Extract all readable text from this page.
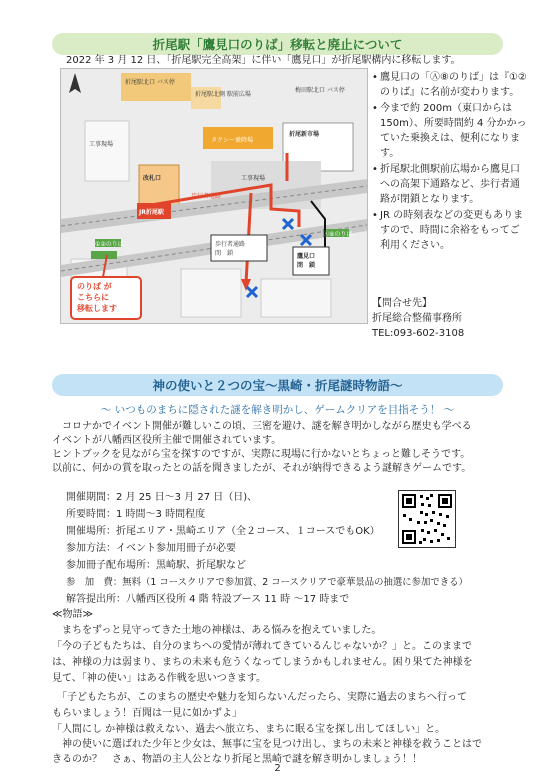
折尾駅「鷹見口のりば」移転と廃止について
2022 年 3 月 12 日、「折尾駅完全高架」に伴い「鷹見口」が折尾駅構内に移転します。
折尾駅北口 バス停
折尾駅北側 駅前広場
梅田駅北口 バス停
工事現場
タクシー乗降場
折尾新市場
工事現場
改札口
JR折尾駅
歩行者通路
歩行者通路
閉　鎖	鷹見口
閉　鎖
①②のりば
Ⓐ⑧のりば
のりば が
こちらに
移転します
• 鷹見口の「Ⓐ⑧のりば」は『①②のりば』に名前が変わります。
• 今まで約 200m（東口からは 150m）、所要時間約 4 分かかっていた乗換えは、便利になります。
• 折尾駅北側駅前広場から鷹見口への高架下通路など、歩行者通路が閉鎖となります。
• JR の時刻表などの変更もありますので、時間に余裕をもってご利用ください。
【問合せ先】
折尾総合整備事務所
TEL:093-602-3108
神の使いと２つの宝～黒崎・折尾謎時物語～
～ いつものまちに隠された謎を解き明かし、ゲームクリアを目指そう！ ～
コロナかでイベント開催が難しいこの頃、三密を避け、謎を解き明かしながら歴史も学べる
イベントが八幡西区役所主催で開催されています。
ヒントブックを見ながら宝を探すのですが、実際に現場に行かないとちょっと難しそうです。
以前に、何かの賞を取ったとの話を聞きましたが、それが納得できるよう謎解きゲームです。
開催期間：2 月 25 日～3 月 27 日（日)、
所要時間：1 時間～3 時間程度
開催場所：折尾エリア・黒崎エリア（全２コース、１コースでもOK）
参加方法：イベント参加用冊子が必要
参加冊子配布場所：黒崎駅、折尾駅など
参　加　費：無料（1 コースクリアで参加賞、2 コースクリアで豪華景品の抽選に参加できる）
解答提出所：八幡西区役所 4 階 特設ブース 11 時 ～17 時まで
≪物語≫
　まちをずっと見守ってきた土地の神様は、ある悩みを抱えていました。
「今の子どもたちは、自分のまちへの愛情が薄れてきているんじゃないか？」と。このままで
は、神様の力は弱まり、まちの未来も危うくなってしまうかもしれません。困り果てた神様を
見て、「神の使い」はある作戦を思いつきます。
　「子どもたちが、このまちの歴史や魅力を知らないんだったら、実際に過去のまちへ行って
もらいましょう！百聞は一見に如かずよ」
「人間にし か神様は救えない、過去へ旅立ち、まちに眠る宝を探し出してほしい」と。
　神の使いに選ばれた少年と少女は、無事に宝を見つけ出し、まちの未来と神様を救うことはで
きるのか？　さぁ、物語の主人公となり折尾と黒崎で謎を解き明かしましょう！！
2
